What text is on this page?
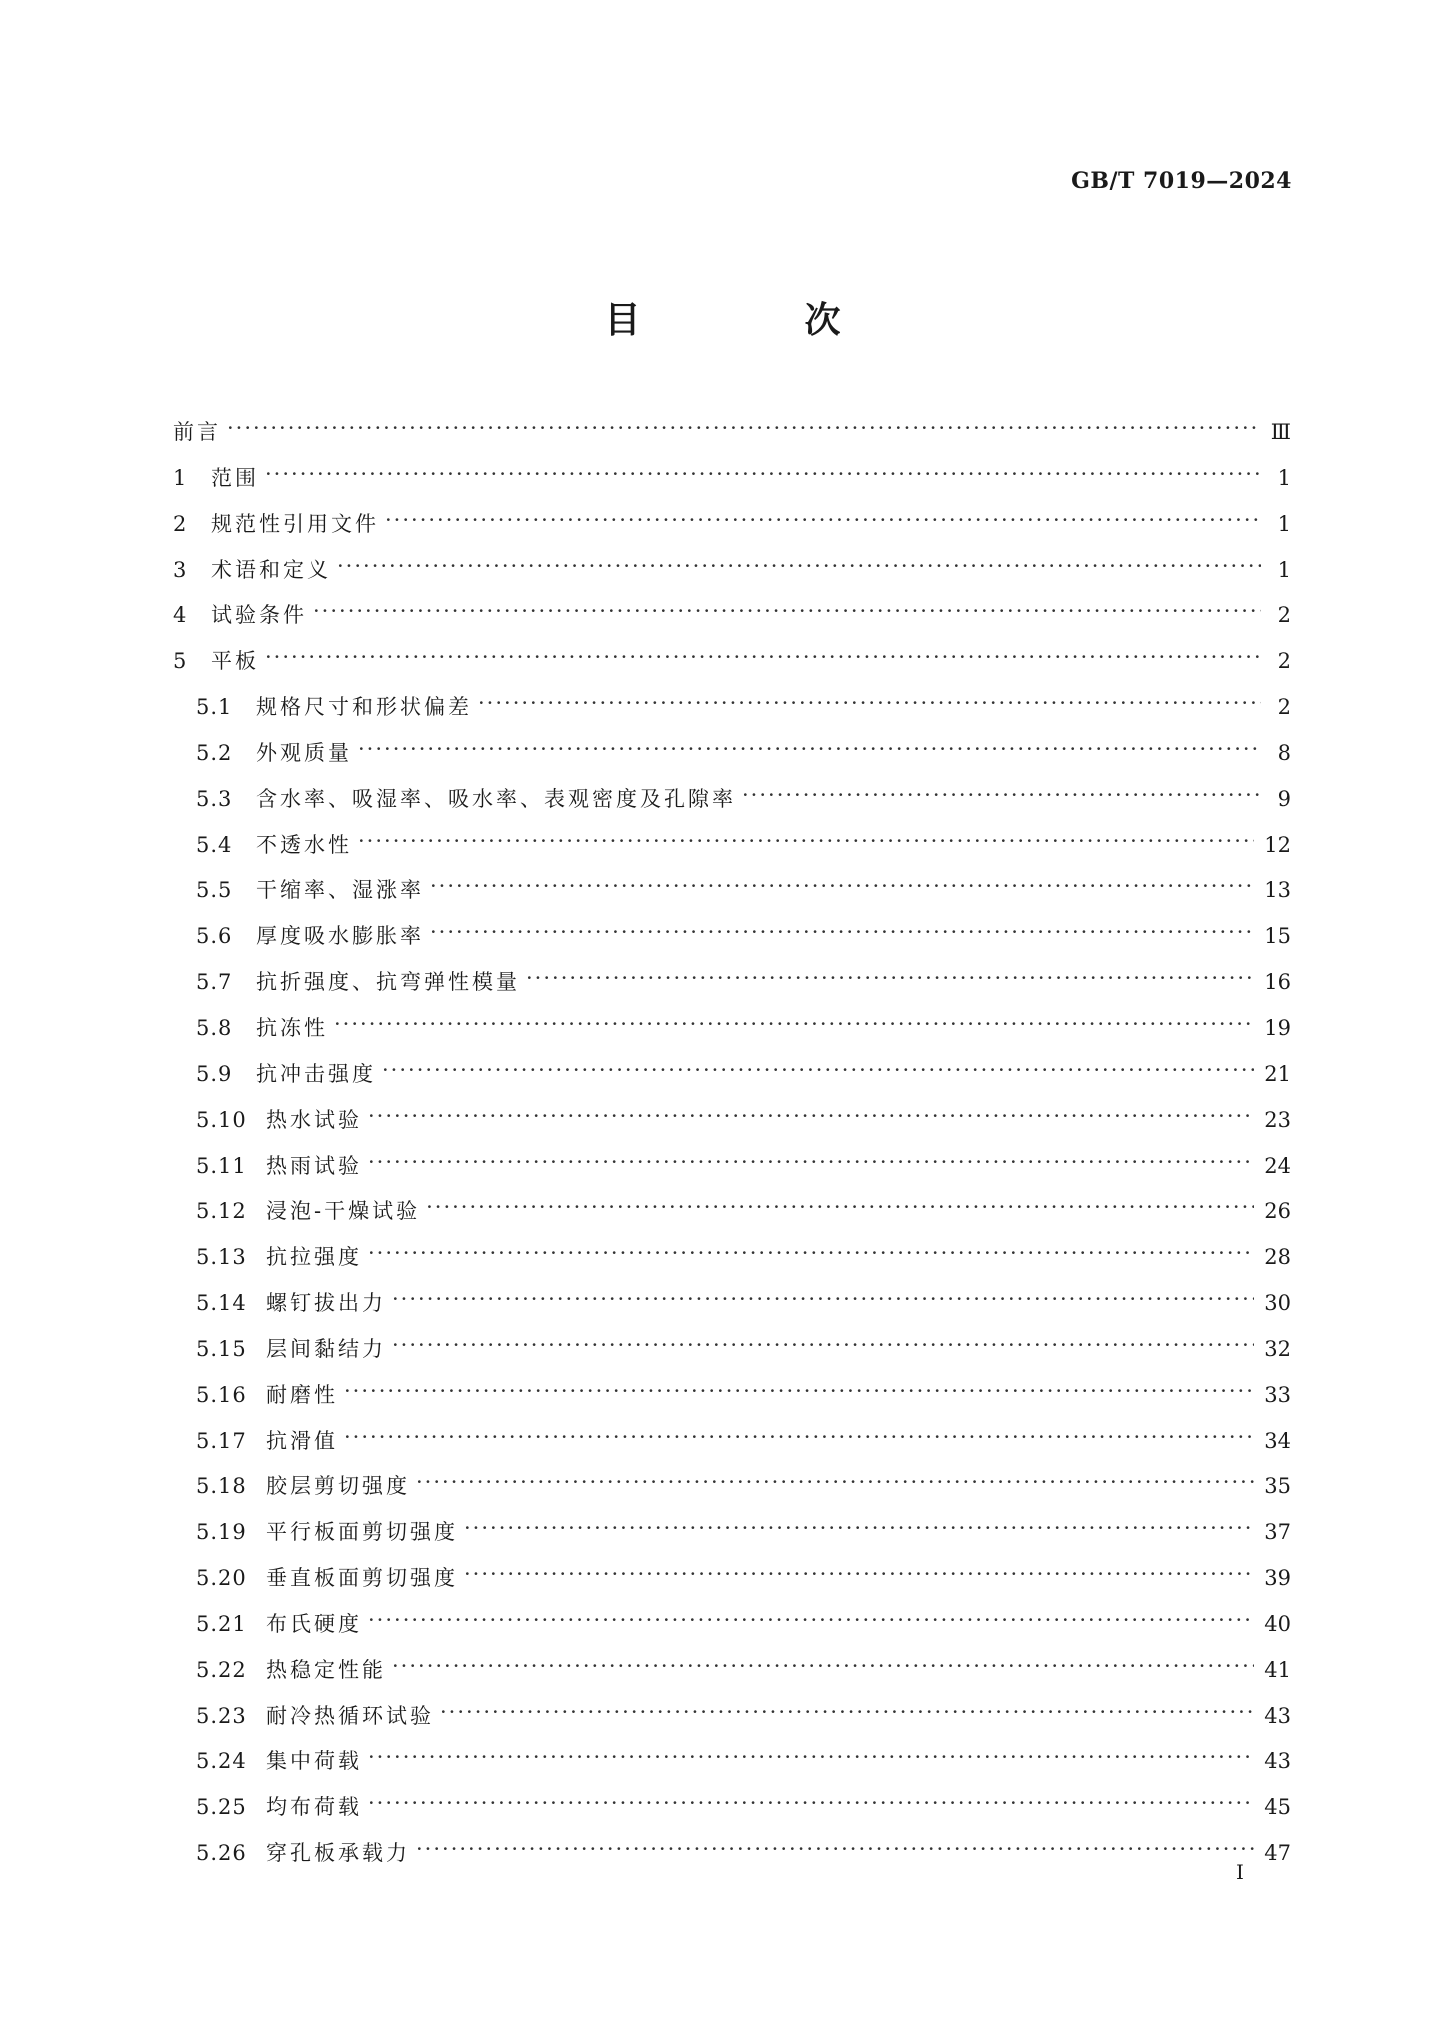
GB/T 7019—2024
目　次
前言 ·····	Ⅲ
1	范围 ·····	1
2	规范性引用文件 ·····	1
3	术语和定义 ·····	1
4	试验条件 ·····	2
5	平板 ·····	2
5.1	规格尺寸和形状偏差 ·····	2
5.2	外观质量 ·····	8
5.3	含水率、吸湿率、吸水率、表观密度及孔隙率 ·····	9
5.4	不透水性 ·····	12
5.5	干缩率、湿涨率 ·····	13
5.6	厚度吸水膨胀率 ·····	15
5.7	抗折强度、抗弯弹性模量 ·····	16
5.8	抗冻性 ·····	19
5.9	抗冲击强度 ·····	21
5.10 热水试验 ·····	23
5.11 热雨试验 ·····	24
5.12 浸泡-干燥试验 ·····	26
5.13 抗拉强度 ·····	28
5.14 螺钉拔出力 ·····	30
5.15 层间黏结力 ·····	32
5.16 耐磨性 ·····	33
5.17 抗滑值 ·····	34
5.18 胶层剪切强度 ·····	35
5.19 平行板面剪切强度 ·····	37
5.20 垂直板面剪切强度 ·····	39
5.21 布氏硬度 ·····	40
5.22 热稳定性能 ·····	41
5.23 耐冷热循环试验 ·····	43
5.24 集中荷载 ·····	43
5.25 均布荷载 ·····	45
5.26 穿孔板承载力 ·····	47
I
